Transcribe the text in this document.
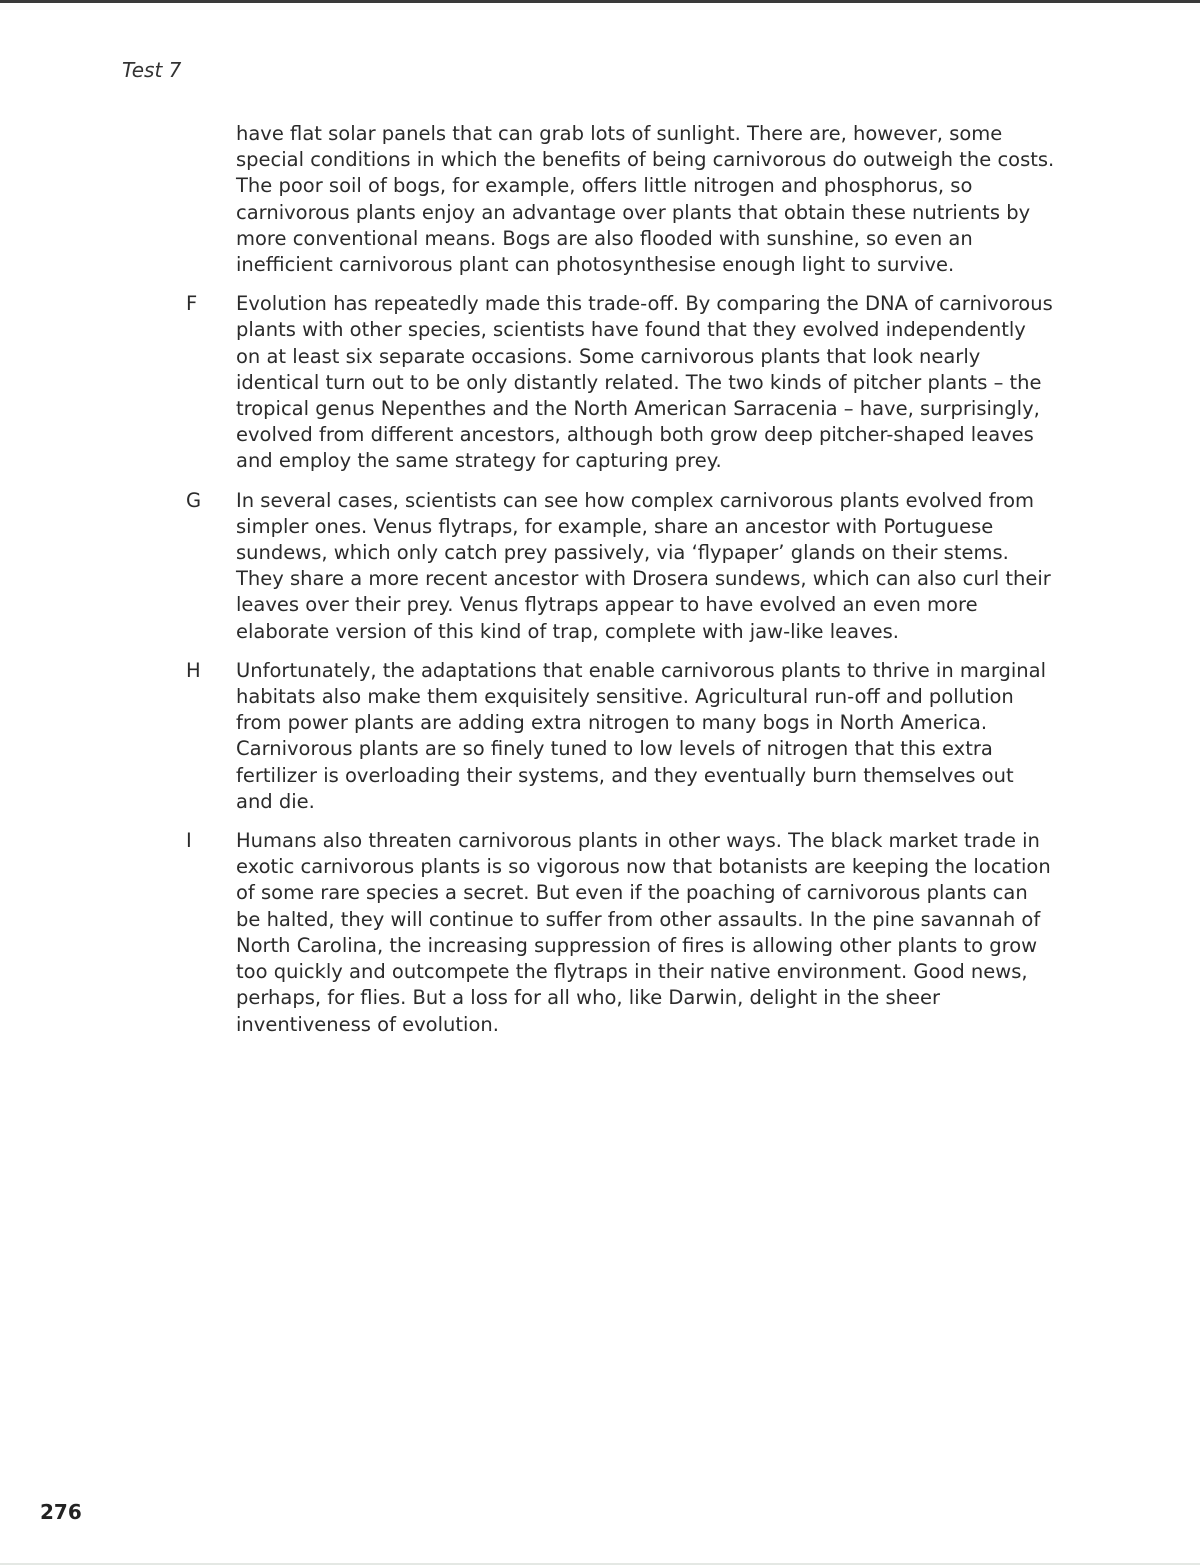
Test 7

have flat solar panels that can grab lots of sunlight. There are, however, some special conditions in which the benefits of being carnivorous do outweigh the costs. The poor soil of bogs, for example, offers little nitrogen and phosphorus, so carnivorous plants enjoy an advantage over plants that obtain these nutrients by more conventional means. Bogs are also flooded with sunshine, so even an inefficient carnivorous plant can photosynthesise enough light to survive.
F	Evolution has repeatedly made this trade-off. By comparing the DNA of carnivorous plants with other species, scientists have found that they evolved independently on at least six separate occasions. Some carnivorous plants that look nearly identical turn out to be only distantly related. The two kinds of pitcher plants – the tropical genus Nepenthes and the North American Sarracenia – have, surprisingly, evolved from different ancestors, although both grow deep pitcher-shaped leaves and employ the same strategy for capturing prey.
G	In several cases, scientists can see how complex carnivorous plants evolved from simpler ones. Venus flytraps, for example, share an ancestor with Portuguese sundews, which only catch prey passively, via ‘flypaper’ glands on their stems. They share a more recent ancestor with Drosera sundews, which can also curl their leaves over their prey. Venus flytraps appear to have evolved an even more elaborate version of this kind of trap, complete with jaw-like leaves.
H	Unfortunately, the adaptations that enable carnivorous plants to thrive in marginal habitats also make them exquisitely sensitive. Agricultural run-off and pollution from power plants are adding extra nitrogen to many bogs in North America. Carnivorous plants are so finely tuned to low levels of nitrogen that this extra fertilizer is overloading their systems, and they eventually burn themselves out and die.
I	Humans also threaten carnivorous plants in other ways. The black market trade in exotic carnivorous plants is so vigorous now that botanists are keeping the location of some rare species a secret. But even if the poaching of carnivorous plants can be halted, they will continue to suffer from other assaults. In the pine savannah of North Carolina, the increasing suppression of fires is allowing other plants to grow too quickly and outcompete the flytraps in their native environment. Good news, perhaps, for flies. But a loss for all who, like Darwin, delight in the sheer inventiveness of evolution.

276
